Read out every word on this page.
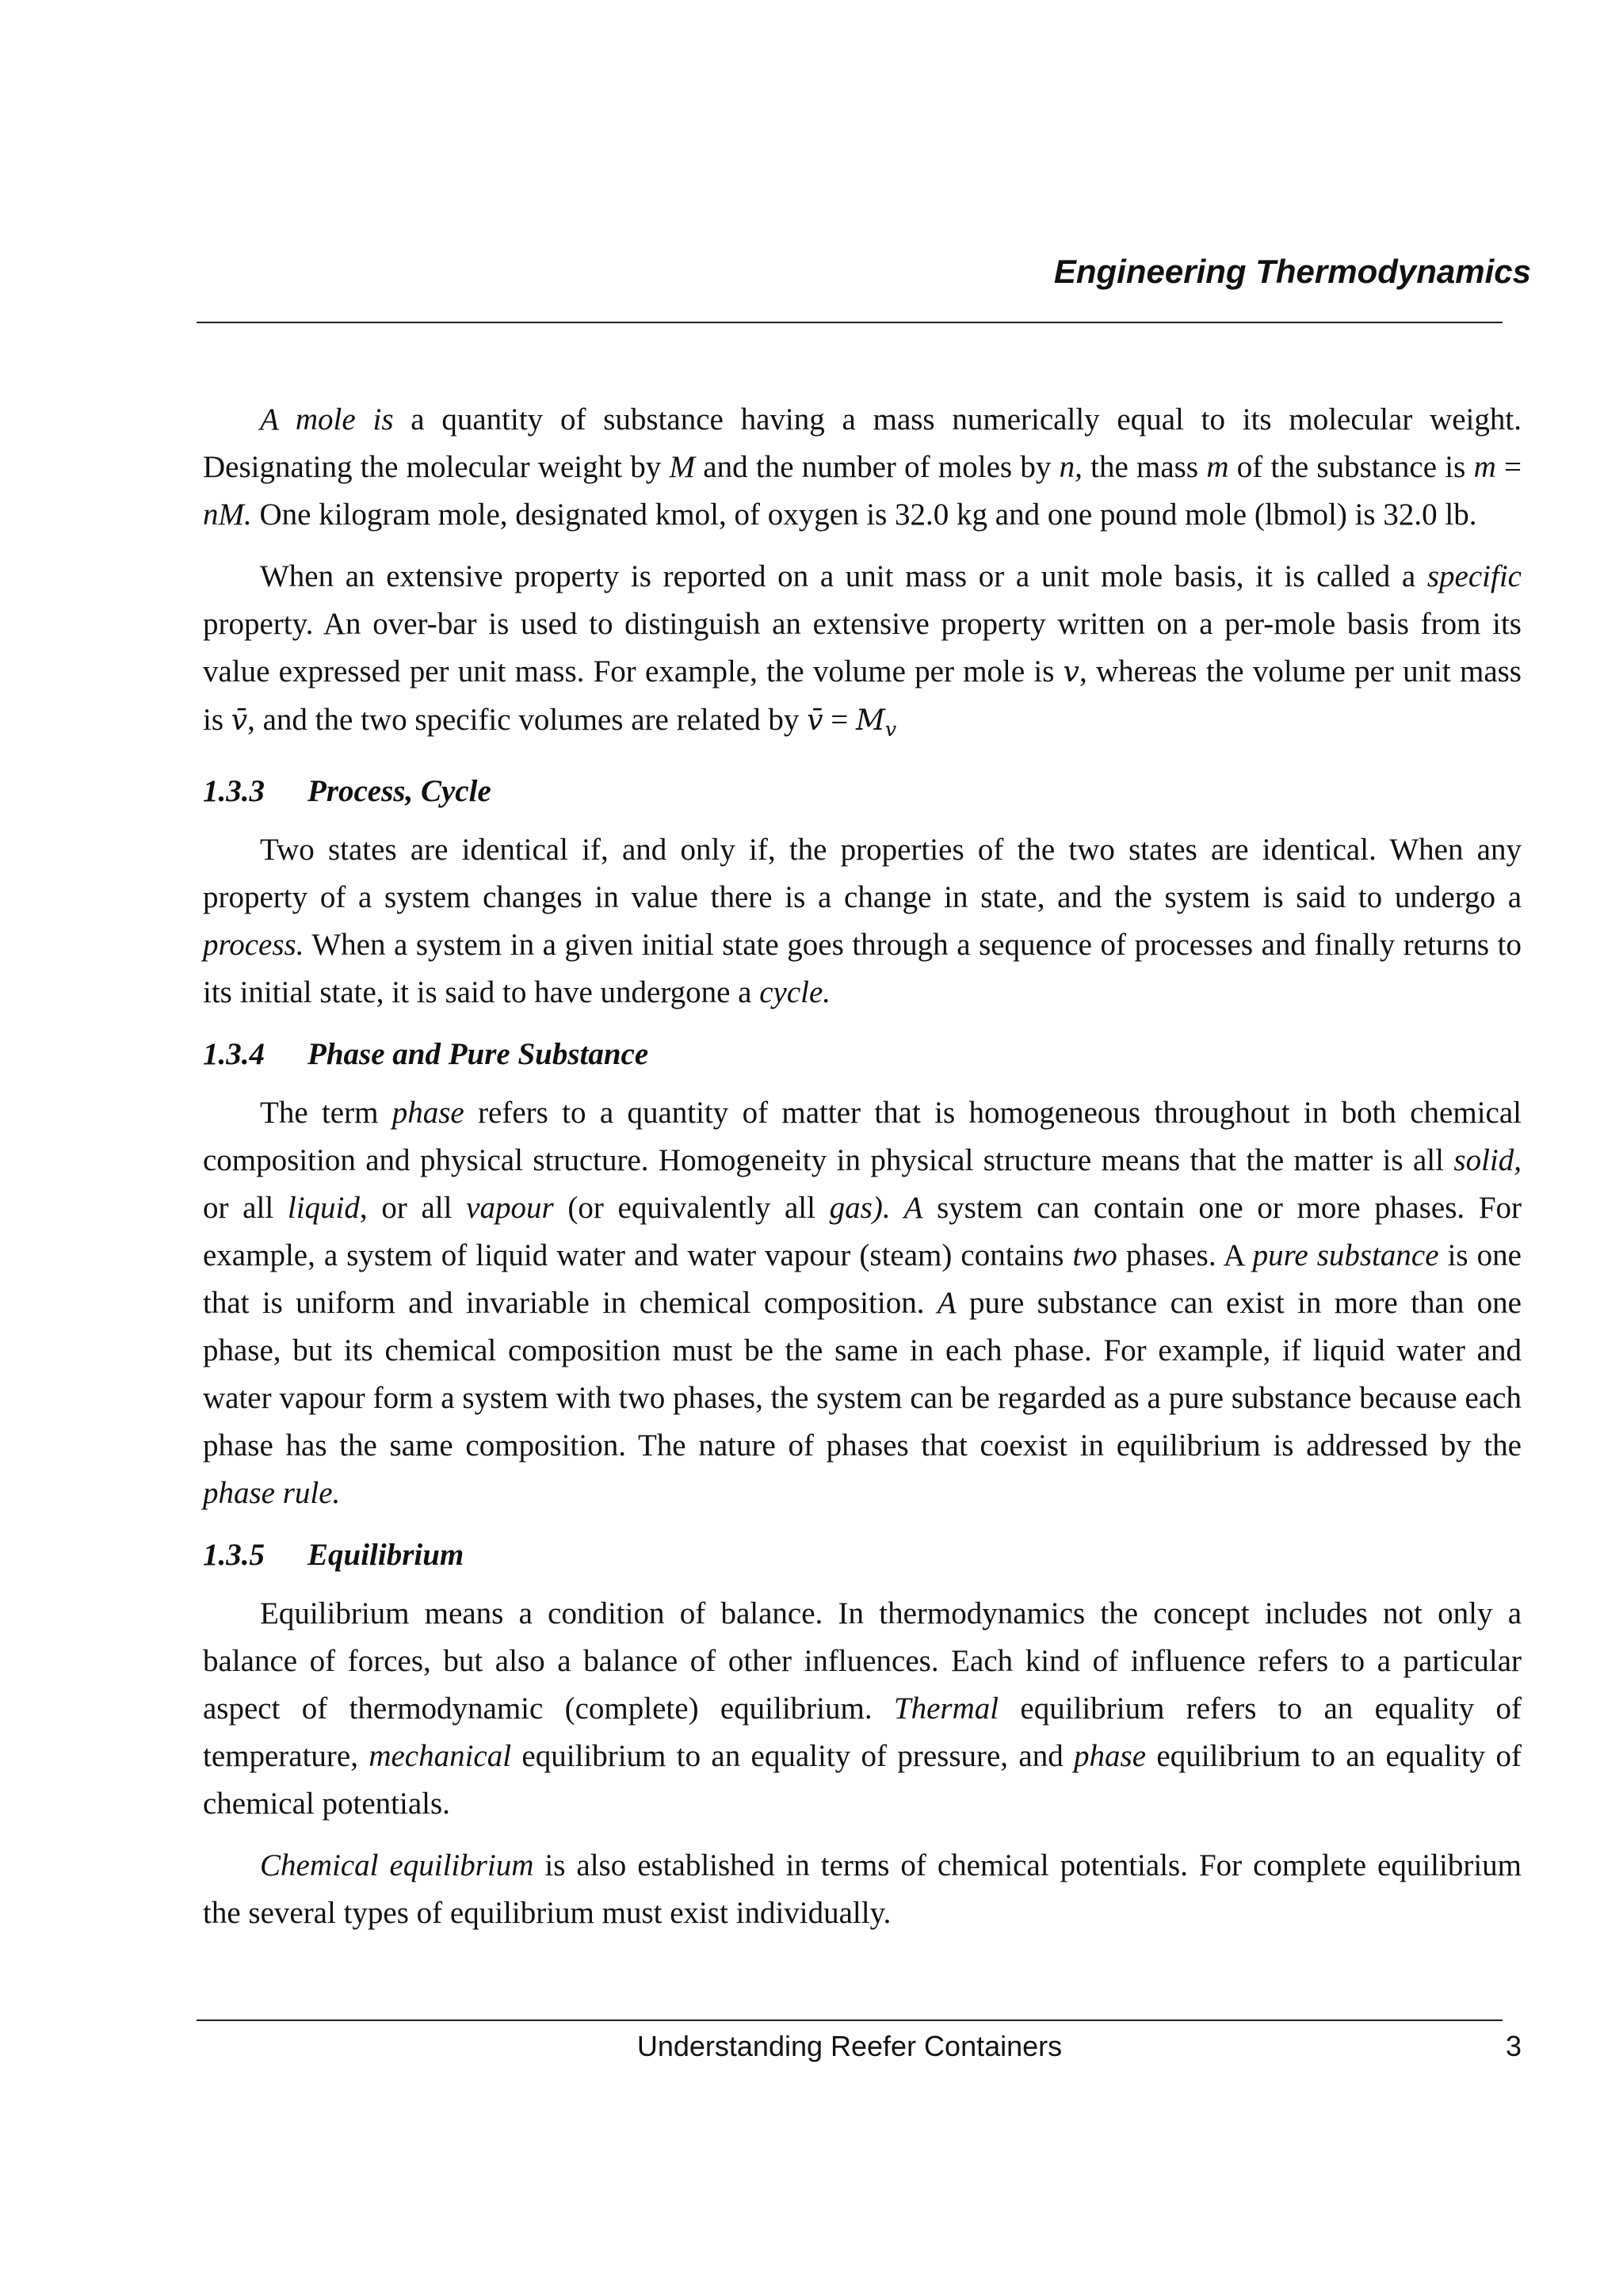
Engineering Thermodynamics

A mole is a quantity of substance having a mass numerically equal to its molecular weight. Designating the molecular weight by M and the number of moles by n, the mass m of the substance is m = nM. One kilogram mole, designated kmol, of oxygen is 32.0 kg and one pound mole (lbmol) is 32.0 lb.

When an extensive property is reported on a unit mass or a unit mole basis, it is called a specific property. An over-bar is used to distinguish an extensive property written on a per-mole basis from its value expressed per unit mass. For example, the volume per mole is v, whereas the volume per unit mass is v̄, and the two specific volumes are related by v̄ = $M_v$

1.3.3 Process, Cycle

Two states are identical if, and only if, the properties of the two states are identical. When any property of a system changes in value there is a change in state, and the system is said to undergo a process. When a system in a given initial state goes through a sequence of processes and finally returns to its initial state, it is said to have undergone a cycle.

1.3.4 Phase and Pure Substance

The term phase refers to a quantity of matter that is homogeneous throughout in both chemical composition and physical structure. Homogeneity in physical structure means that the matter is all solid, or all liquid, or all vapour (or equivalently all gas). A system can contain one or more phases. For example, a system of liquid water and water vapour (steam) contains two phases. A pure substance is one that is uniform and invariable in chemical composition. A pure substance can exist in more than one phase, but its chemical composition must be the same in each phase. For example, if liquid water and water vapour form a system with two phases, the system can be regarded as a pure substance because each phase has the same composition. The nature of phases that coexist in equilibrium is addressed by the phase rule.

1.3.5 Equilibrium

Equilibrium means a condition of balance. In thermodynamics the concept includes not only a balance of forces, but also a balance of other influences. Each kind of influence refers to a particular aspect of thermodynamic (complete) equilibrium. Thermal equilibrium refers to an equality of temperature, mechanical equilibrium to an equality of pressure, and phase equilibrium to an equality of chemical potentials.

Chemical equilibrium is also established in terms of chemical potentials. For complete equilibrium the several types of equilibrium must exist individually.

Understanding Reefer Containers	3
